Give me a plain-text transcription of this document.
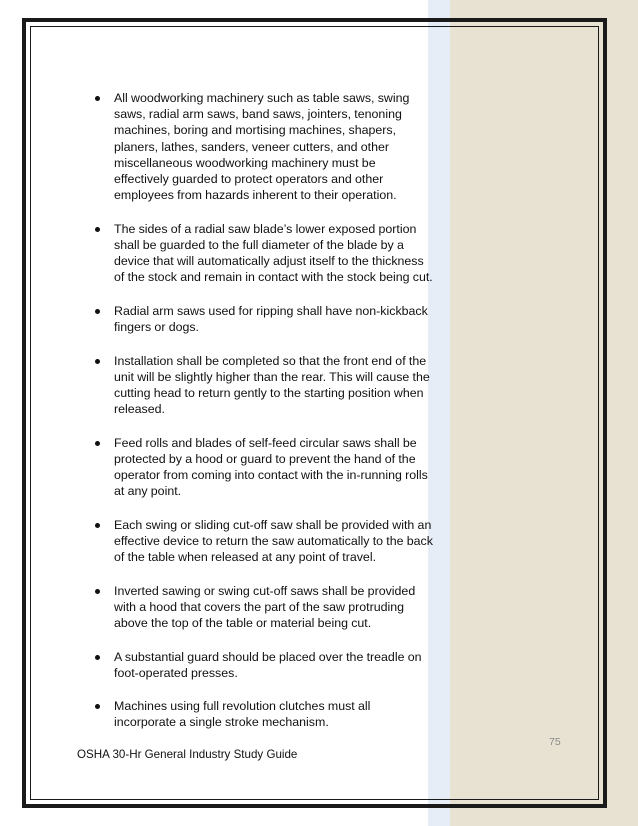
All woodworking machinery such as table saws, swing saws, radial arm saws, band saws, jointers, tenoning machines, boring and mortising machines, shapers, planers, lathes, sanders, veneer cutters, and other miscellaneous woodworking machinery must be effectively guarded to protect operators and other employees from hazards inherent to their operation.
The sides of a radial saw blade’s lower exposed portion shall be guarded to the full diameter of the blade by a device that will automatically adjust itself to the thickness of the stock and remain in contact with the stock being cut.
Radial arm saws used for ripping shall have non-kickback fingers or dogs.
Installation shall be completed so that the front end of the unit will be slightly higher than the rear. This will cause the cutting head to return gently to the starting position when released.
Feed rolls and blades of self-feed circular saws shall be protected by a hood or guard to prevent the hand of the operator from coming into contact with the in-running rolls at any point.
Each swing or sliding cut-off saw shall be provided with an effective device to return the saw automatically to the back of the table when released at any point of travel.
Inverted sawing or swing cut-off saws shall be provided with a hood that covers the part of the saw protruding above the top of the table or material being cut.
A substantial guard should be placed over the treadle on foot-operated presses.
Machines using full revolution clutches must all incorporate a single stroke mechanism.
75
OSHA 30-Hr General Industry Study Guide
